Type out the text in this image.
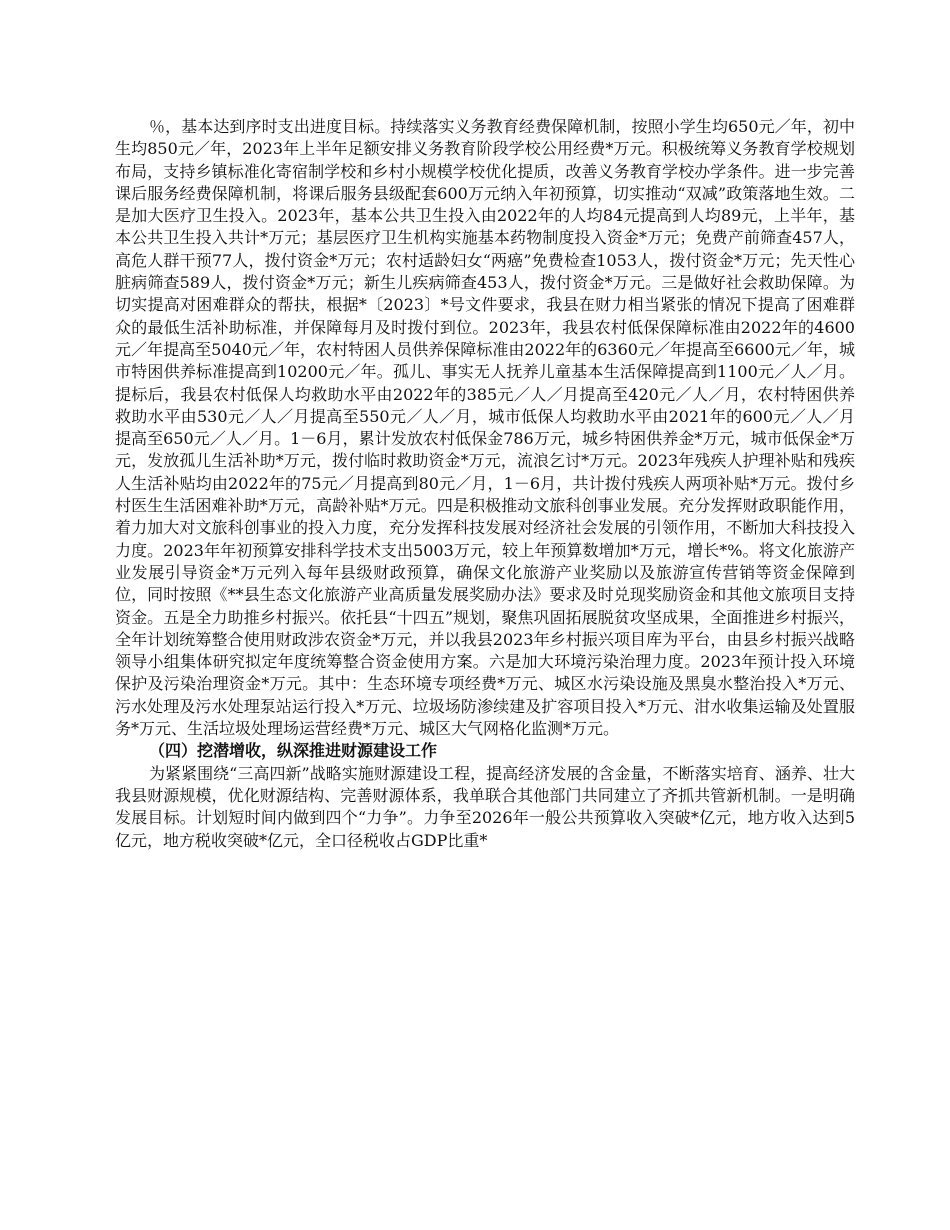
％，基本达到序时支出进度目标。持续落实义务教育经费保障机制，按照小学生均650元／年，初中生均850元／年，2023年上半年足额安排义务教育阶段学校公用经费*万元。积极统筹义务教育学校规划布局，支持乡镇标准化寄宿制学校和乡村小规模学校优化提质，改善义务教育学校办学条件。进一步完善课后服务经费保障机制，将课后服务县级配套600万元纳入年初预算，切实推动“双减”政策落地生效。二是加大医疗卫生投入。2023年，基本公共卫生投入由2022年的人均84元提高到人均89元，上半年，基本公共卫生投入共计*万元；基层医疗卫生机构实施基本药物制度投入资金*万元；免费产前筛查457人，高危人群干预77人，拨付资金*万元；农村适龄妇女“两癌”免费检查1053人，拨付资金*万元；先天性心脏病筛查589人，拨付资金*万元；新生儿疾病筛查453人，拨付资金*万元。三是做好社会救助保障。为切实提高对困难群众的帮扶，根据*〔2023〕*号文件要求，我县在财力相当紧张的情况下提高了困难群众的最低生活补助标准，并保障每月及时拨付到位。2023年，我县农村低保保障标准由2022年的4600元／年提高至5040元／年，农村特困人员供养保障标准由2022年的6360元／年提高至6600元／年，城市特困供养标准提高到10200元／年。孤儿、事实无人抚养儿童基本生活保障提高到1100元／人／月。提标后，我县农村低保人均救助水平由2022年的385元／人／月提高至420元／人／月，农村特困供养救助水平由530元／人／月提高至550元／人／月，城市低保人均救助水平由2021年的600元／人／月提高至650元／人／月。1－6月，累计发放农村低保金786万元，城乡特困供养金*万元，城市低保金*万元，发放孤儿生活补助*万元，拨付临时救助资金*万元，流浪乞讨*万元。2023年残疾人护理补贴和残疾人生活补贴均由2022年的75元／月提高到80元／月，1－6月，共计拨付残疾人两项补贴*万元。拨付乡村医生生活困难补助*万元，高龄补贴*万元。四是积极推动文旅科创事业发展。充分发挥财政职能作用，着力加大对文旅科创事业的投入力度，充分发挥科技发展对经济社会发展的引领作用，不断加大科技投入力度。2023年年初预算安排科学技术支出5003万元，较上年预算数增加*万元，增长*%。将文化旅游产业发展引导资金*万元列入每年县级财政预算，确保文化旅游产业奖励以及旅游宣传营销等资金保障到位，同时按照《**县生态文化旅游产业高质量发展奖励办法》要求及时兑现奖励资金和其他文旅项目支持资金。五是全力助推乡村振兴。依托县“十四五”规划，聚焦巩固拓展脱贫攻坚成果，全面推进乡村振兴，全年计划统筹整合使用财政涉农资金*万元，并以我县2023年乡村振兴项目库为平台，由县乡村振兴战略领导小组集体研究拟定年度统筹整合资金使用方案。六是加大环境污染治理力度。2023年预计投入环境保护及污染治理资金*万元。其中：生态环境专项经费*万元、城区水污染设施及黑臭水整治投入*万元、污水处理及污水处理泵站运行投入*万元、垃圾场防渗续建及扩容项目投入*万元、泔水收集运输及处置服务*万元、生活垃圾处理场运营经费*万元、城区大气网格化监测*万元。

（四）挖潜增收，纵深推进财源建设工作

为紧紧围绕“三高四新”战略实施财源建设工程，提高经济发展的含金量，不断落实培育、涵养、壮大我县财源规模，优化财源结构、完善财源体系，我单联合其他部门共同建立了齐抓共管新机制。一是明确发展目标。计划短时间内做到四个“力争”。力争至2026年一般公共预算收入突破*亿元，地方收入达到5亿元，地方税收突破*亿元，全口径税收占GDP比重*
